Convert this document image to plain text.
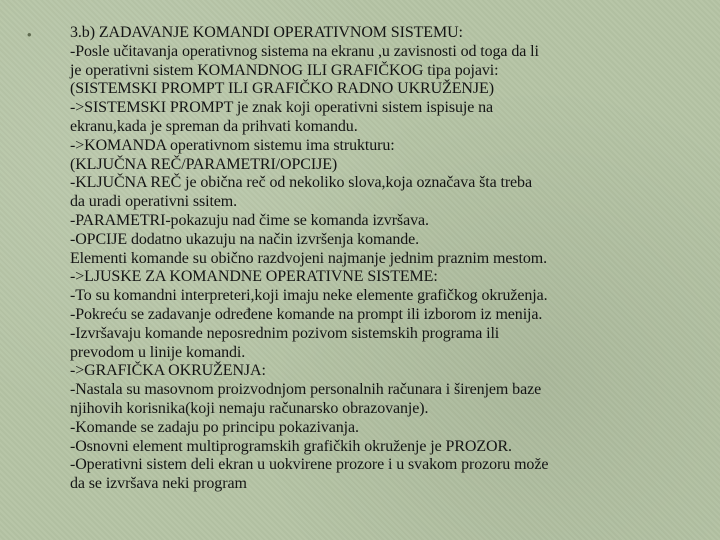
• 3.b) ZADAVANJE KOMANDI OPERATIVNOM SISTEMU:
-Posle učitavanja operativnog sistema na ekranu ,u zavisnosti od toga da li
je operativni sistem KOMANDNOG ILI GRAFIČKOG tipa pojavi:
(SISTEMSKI PROMPT ILI GRAFIČKO RADNO UKRUŽENJE)
->SISTEMSKI PROMPT je znak koji operativni sistem ispisuje na
ekranu,kada je spreman da prihvati komandu.
->KOMANDA operativnom sistemu ima strukturu:
(KLJUČNA REČ/PARAMETRI/OPCIJE)
-KLJUČNA REČ je obična reč od nekoliko slova,koja označava šta treba
da uradi operativni ssitem.
-PARAMETRI-pokazuju nad čime se komanda izvršava.
-OPCIJE dodatno ukazuju na način izvršenja komande.
Elementi komande su obično razdvojeni najmanje jednim praznim mestom.
->LJUSKE ZA KOMANDNE OPERATIVNE SISTEME:
-To su komandni interpreteri,koji imaju neke elemente grafičkog okruženja.
-Pokreću se zadavanje određene komande na prompt ili izborom iz menija.
-Izvršavaju komande neposrednim pozivom sistemskih programa ili
prevodom u linije komandi.
->GRAFIČKA OKRUŽENJA:
-Nastala su masovnom proizvodnjom personalnih računara i širenjem baze
njihovih korisnika(koji nemaju računarsko obrazovanje).
-Komande se zadaju po principu pokazivanja.
-Osnovni element multiprogramskih grafičkih okruženje je PROZOR.
-Operativni sistem deli ekran u uokvirene prozore i u svakom prozoru može
da se izvršava neki program
